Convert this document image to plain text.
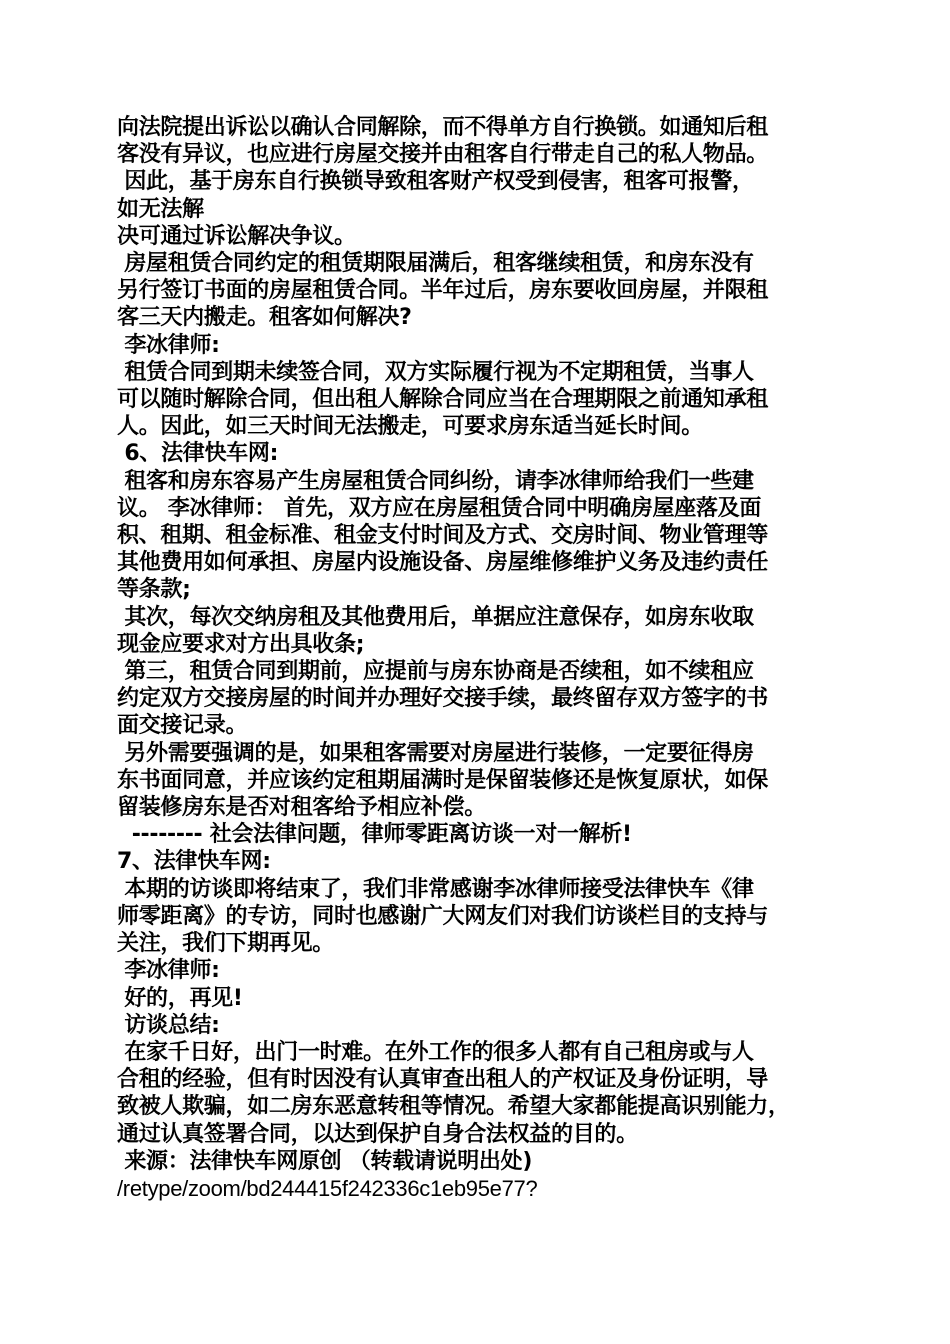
向法院提出诉讼以确认合同解除，而不得单方自行换锁。如通知后租
客没有异议，也应进行房屋交接并由租客自行带走自己的私人物品。
因此，基于房东自行换锁导致租客财产权受到侵害，租客可报警，
如无法解
决可通过诉讼解决争议。
房屋租赁合同约定的租赁期限届满后，租客继续租赁，和房东没有
另行签订书面的房屋租赁合同。半年过后，房东要收回房屋，并限租
客三天内搬走。租客如何解决?
李冰律师:
租赁合同到期未续签合同，双方实际履行视为不定期租赁，当事人
可以随时解除合同，但出租人解除合同应当在合理期限之前通知承租
人。因此，如三天时间无法搬走，可要求房东适当延长时间。
6、法律快车网:
租客和房东容易产生房屋租赁合同纠纷，请李冰律师给我们一些建
议。 李冰律师： 首先，双方应在房屋租赁合同中明确房屋座落及面
积、租期、租金标准、租金支付时间及方式、交房时间、物业管理等
其他费用如何承担、房屋内设施设备、房屋维修维护义务及违约责任
等条款;
其次，每次交纳房租及其他费用后，单据应注意保存，如房东收取
现金应要求对方出具收条;
第三，租赁合同到期前，应提前与房东协商是否续租，如不续租应
约定双方交接房屋的时间并办理好交接手续，最终留存双方签字的书
面交接记录。
另外需要强调的是，如果租客需要对房屋进行装修，一定要征得房
东书面同意，并应该约定租期届满时是保留装修还是恢复原状，如保
留装修房东是否对租客给予相应补偿。
-------- 社会法律问题，律师零距离访谈一对一解析!
7、法律快车网:
本期的访谈即将结束了，我们非常感谢李冰律师接受法律快车《律
师零距离》的专访，同时也感谢广大网友们对我们访谈栏目的支持与
关注，我们下期再见。
李冰律师:
好的，再见!
访谈总结:
在家千日好，出门一时难。在外工作的很多人都有自己租房或与人
合租的经验，但有时因没有认真审查出租人的产权证及身份证明，导
致被人欺骗，如二房东恶意转租等情况。希望大家都能提高识别能力，
通过认真签署合同，以达到保护自身合法权益的目的。
来源：法律快车网原创 （转载请说明出处)
/retype/zoom/bd244415f242336c1eb95e77?
